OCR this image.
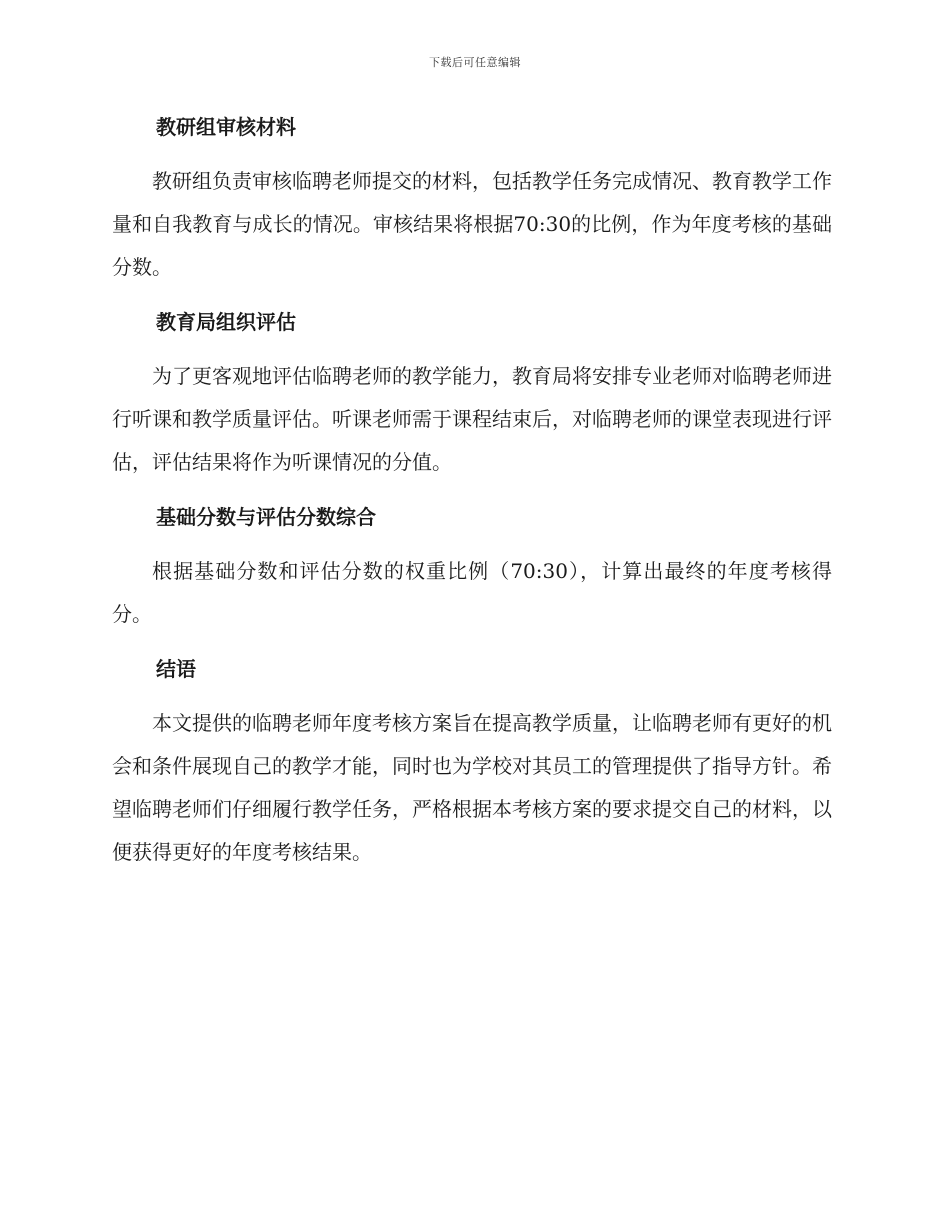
下载后可任意编辑
教研组审核材料

教研组负责审核临聘老师提交的材料，包括教学任务完成情况、教育教学工作量和自我教育与成长的情况。审核结果将根据70:30的比例，作为年度考核的基础分数。

教育局组织评估

为了更客观地评估临聘老师的教学能力，教育局将安排专业老师对临聘老师进行听课和教学质量评估。听课老师需于课程结束后，对临聘老师的课堂表现进行评估，评估结果将作为听课情况的分值。

基础分数与评估分数综合

根据基础分数和评估分数的权重比例（70:30），计算出最终的年度考核得分。

结语

本文提供的临聘老师年度考核方案旨在提高教学质量，让临聘老师有更好的机会和条件展现自己的教学才能，同时也为学校对其员工的管理提供了指导方针。希望临聘老师们仔细履行教学任务，严格根据本考核方案的要求提交自己的材料，以便获得更好的年度考核结果。
